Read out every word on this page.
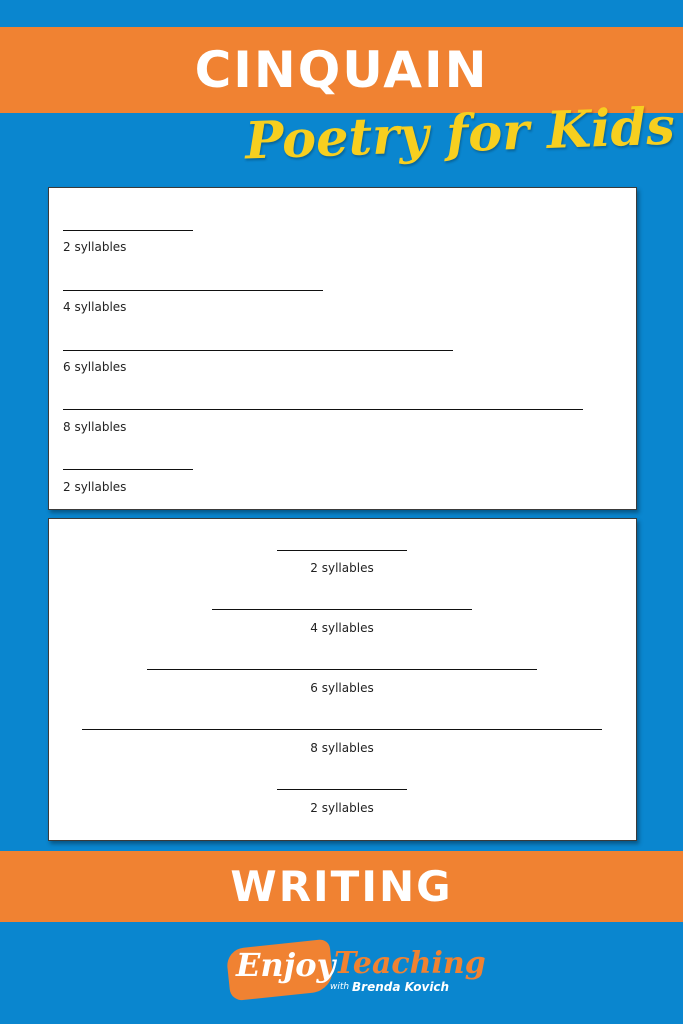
CINQUAIN
Poetry for Kids
2 syllables
4 syllables
6 syllables
8 syllables
2 syllables
2 syllables
4 syllables
6 syllables
8 syllables
2 syllables
WRITING
Enjoy
Teaching
with Brenda Kovich
